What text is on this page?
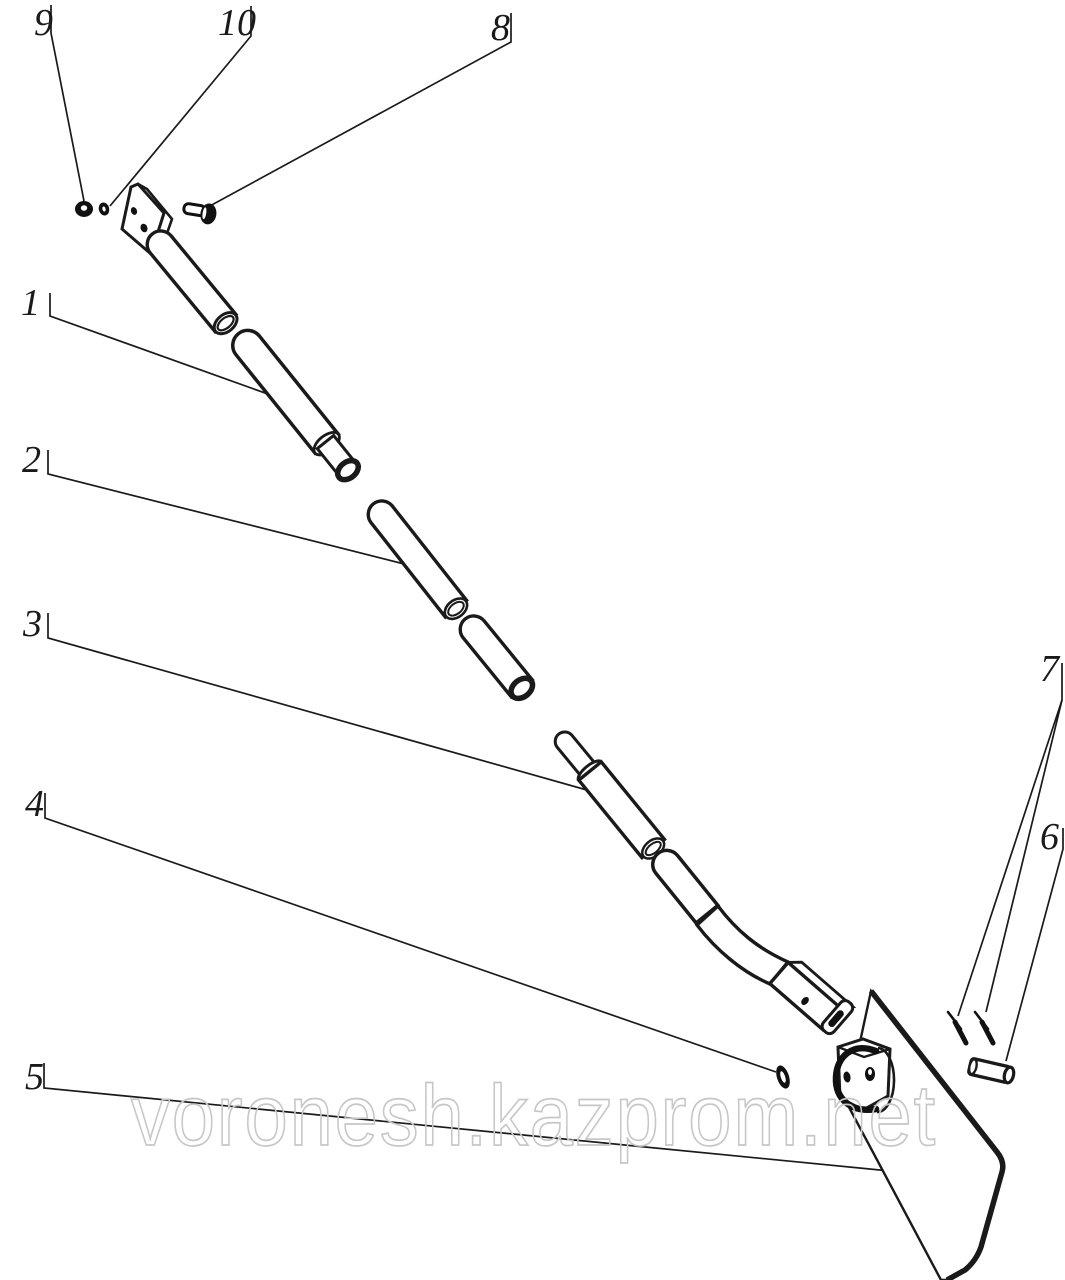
voronesh.kazprom.net
1
2
3
4
5
6
7
8
9	10
